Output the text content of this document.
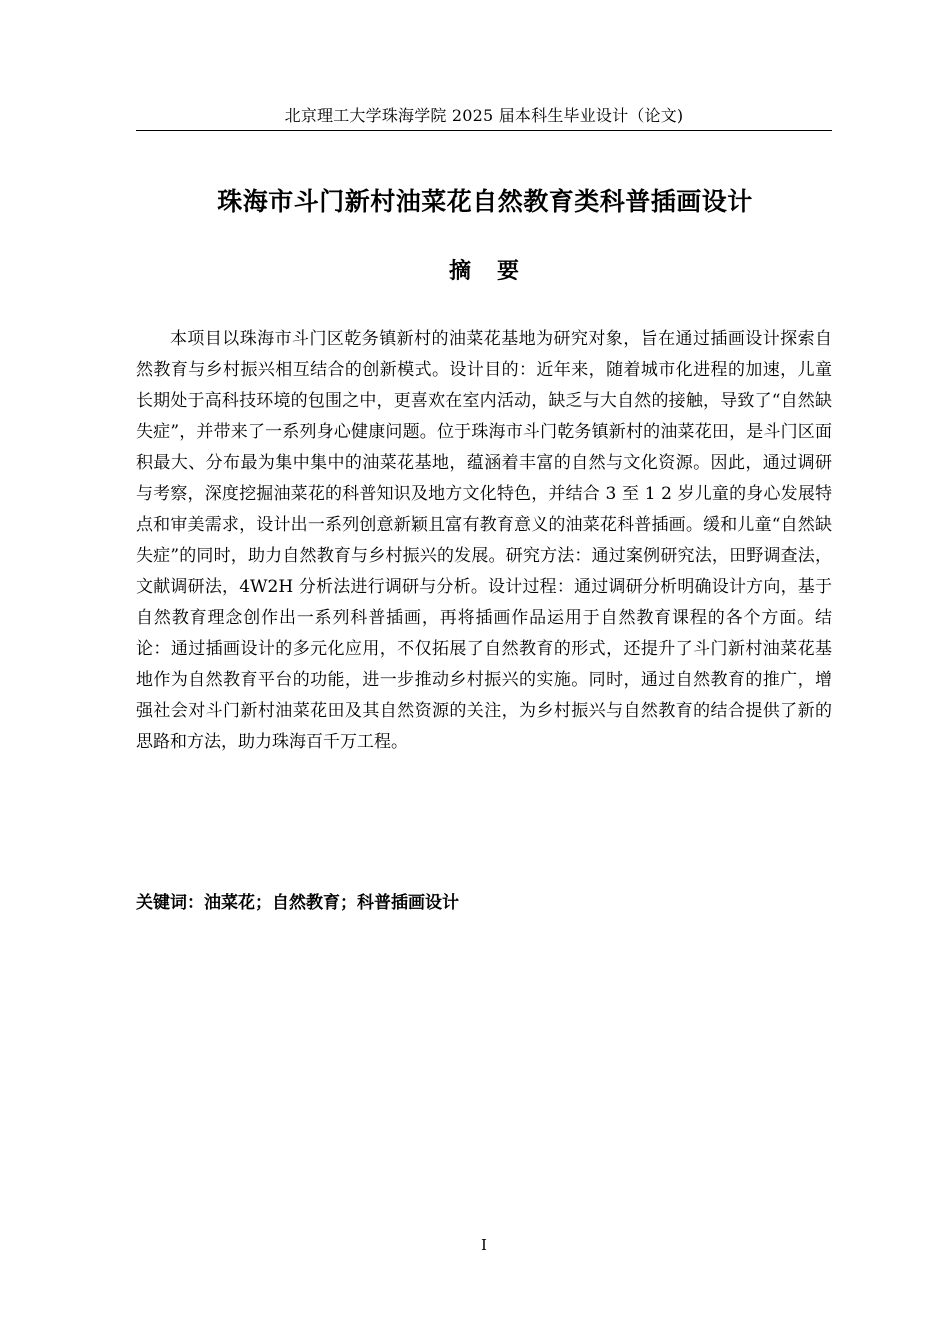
北京理工大学珠海学院 2025 届本科生毕业设计（论文)
珠海市斗门新村油菜花自然教育类科普插画设计
摘要

本项目以珠海市斗门区乾务镇新村的油菜花基地为研究对象，旨在通过插画设计探索自然教育与乡村振兴相互结合的创新模式。设计目的：近年来，随着城市化进程的加速，儿童长期处于高科技环境的包围之中，更喜欢在室内活动，缺乏与大自然的接触，导致了“自然缺失症”，并带来了一系列身心健康问题。位于珠海市斗门乾务镇新村的油菜花田，是斗门区面积最大、分布最为集中集中的油菜花基地，蕴涵着丰富的自然与文化资源。因此，通过调研与考察，深度挖掘油菜花的科普知识及地方文化特色，并结合 3 至 1 2 岁儿童的身心发展特点和审美需求，设计出一系列创意新颖且富有教育意义的油菜花科普插画。缓和儿童“自然缺失症”的同时，助力自然教育与乡村振兴的发展。研究方法：通过案例研究法，田野调查法，文献调研法，4W2H 分析法进行调研与分析。设计过程：通过调研分析明确设计方向，基于自然教育理念创作出一系列科普插画，再将插画作品运用于自然教育课程的各个方面。结论：通过插画设计的多元化应用，不仅拓展了自然教育的形式，还提升了斗门新村油菜花基地作为自然教育平台的功能，进一步推动乡村振兴的实施。同时，通过自然教育的推广，增强社会对斗门新村油菜花田及其自然资源的关注，为乡村振兴与自然教育的结合提供了新的思路和方法，助力珠海百千万工程。

关键词：油菜花；自然教育；科普插画设计
I
